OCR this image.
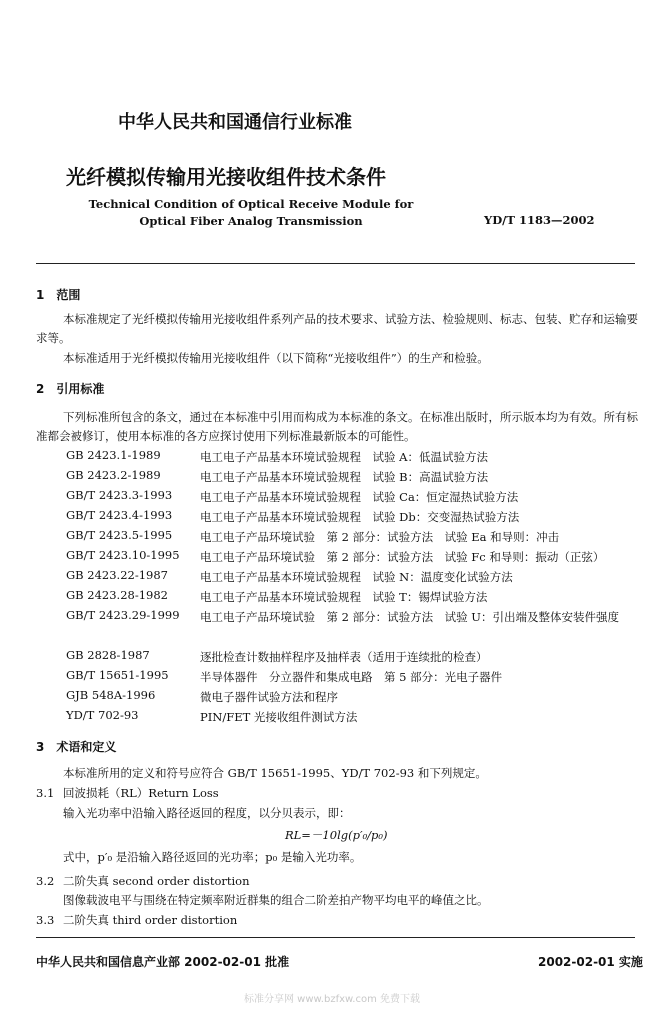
中华人民共和国通信行业标准
光纤模拟传输用光接收组件技术条件
Technical Condition of Optical Receive Module for Optical Fiber Analog Transmission	YD/T 1183—2002
1　范围
本标准规定了光纤模拟传输用光接收组件系列产品的技术要求、试验方法、检验规则、标志、包装、贮存和运输要求等。
本标准适用于光纤模拟传输用光接收组件（以下简称“光接收组件”）的生产和检验。
2　引用标准
下列标准所包含的条文，通过在本标准中引用而构成为本标准的条文。在标准出版时，所示版本均为有效。所有标准都会被修订，使用本标准的各方应探讨使用下列标准最新版本的可能性。
GB 2423.1-1989	电工电子产品基本环境试验规程　试验 A：低温试验方法
GB 2423.2-1989	电工电子产品基本环境试验规程　试验 B：高温试验方法
GB/T 2423.3-1993 电工电子产品基本环境试验规程　试验 Ca：恒定湿热试验方法
GB/T 2423.4-1993 电工电子产品基本环境试验规程　试验 Db：交变湿热试验方法
GB/T 2423.5-1995 电工电子产品环境试验　第 2 部分：试验方法　试验 Ea 和导则：冲击
GB/T 2423.10-1995 电工电子产品环境试验　第 2 部分：试验方法　试验 Fc 和导则：振动（正弦）
GB 2423.22-1987	电工电子产品基本环境试验规程　试验 N：温度变化试验方法
GB 2423.28-1982	电工电子产品基本环境试验规程　试验 T：锡焊试验方法
GB/T 2423.29-1999 电工电子产品环境试验　第 2 部分：试验方法　试验 U：引出端及整体安装件强度
GB 2828-1987	逐批检查计数抽样程序及抽样表（适用于连续批的检查）
GB/T 15651-1995	半导体器件　分立器件和集成电路　第 5 部分：光电子器件
GJB 548A-1996	微电子器件试验方法和程序
YD/T 702-93	PIN/FET 光接收组件测试方法
3　术语和定义
本标准所用的定义和符号应符合 GB/T 15651-1995、YD/T 702-93 和下列规定。
3.1 回波损耗（RL）Return Loss
输入光功率中沿输入路径返回的程度，以分贝表示，即：
RL=－10lg(p′₀/p₀)
式中，p′₀ 是沿输入路径返回的光功率；p₀ 是输入光功率。
3.2 二阶失真 second order distortion
图像载波电平与围绕在特定频率附近群集的组合二阶差拍产物平均电平的峰值之比。
3.3 二阶失真 third order distortion
中华人民共和国信息产业部 2002-02-01 批准	2002-02-01 实施
标准分享网 www.bzfxw.com 免费下载
